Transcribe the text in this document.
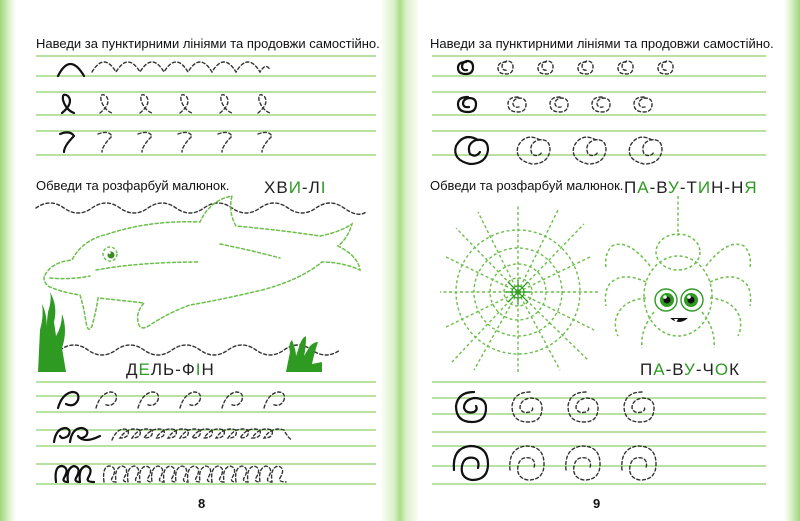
Наведи за пунктирними лініями та продовжи самостійно.
Обведи та розфарбуй малюнок. ХВИ-ЛІ
ДЕЛЬ-ФІН
8
Наведи за пунктирними лініями та продовжи самостійно.
Обведи та розфарбуй малюнок. ПА-ВУ-ТИН-НЯ
ПА-ВУ-ЧОК
9
